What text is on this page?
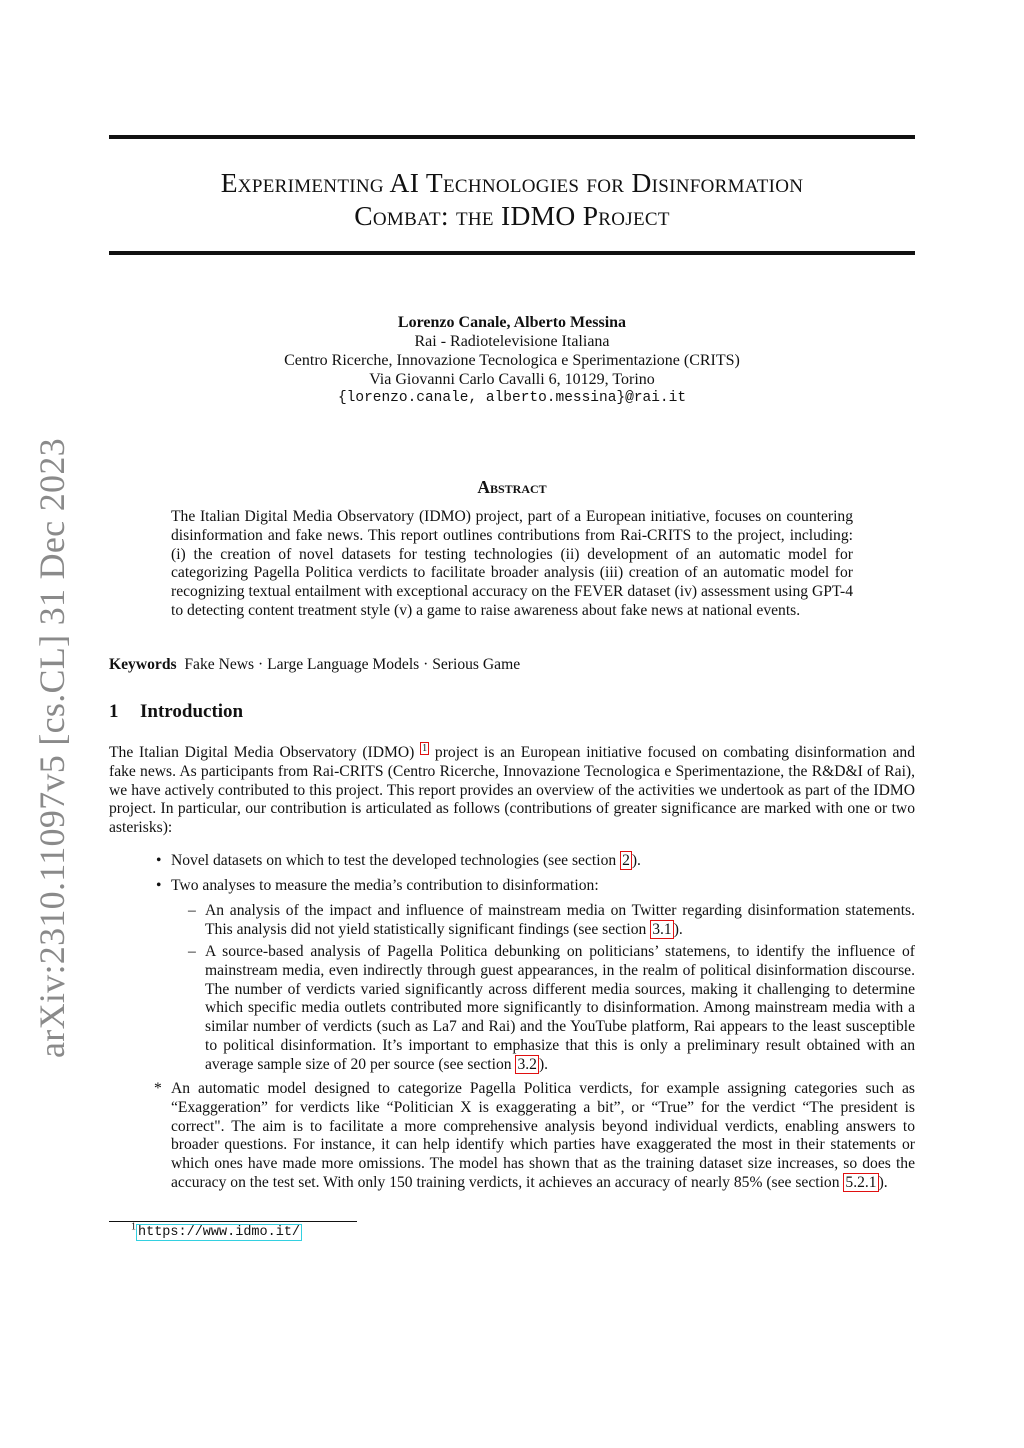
arXiv:2310.11097v5 [cs.CL] 31 Dec 2023
Experimenting AI Technologies for Disinformation
Combat: the IDMO Project
Lorenzo Canale, Alberto Messina
Rai - Radiotelevisione Italiana
Centro Ricerche, Innovazione Tecnologica e Sperimentazione (CRITS)
Via Giovanni Carlo Cavalli 6, 10129, Torino
{lorenzo.canale, alberto.messina}@rai.it
Abstract
The Italian Digital Media Observatory (IDMO) project, part of a European initiative, focuses on countering disinformation and fake news. This report outlines contributions from Rai-CRITS to the project, including: (i) the creation of novel datasets for testing technologies (ii) development of an automatic model for categorizing Pagella Politica verdicts to facilitate broader analysis (iii) creation of an automatic model for recognizing textual entailment with exceptional accuracy on the FEVER dataset (iv) assessment using GPT-4 to detecting content treatment style (v) a game to raise awareness about fake news at national events.
Keywords Fake News · Large Language Models · Serious Game
1 Introduction
The Italian Digital Media Observatory (IDMO) $^1$ project is an European initiative focused on combating disinformation and fake news. As participants from Rai-CRITS (Centro Ricerche, Innovazione Tecnologica e Sperimentazione, the R&D&I of Rai), we have actively contributed to this project. This report provides an overview of the activities we undertook as part of the IDMO project. In particular, our contribution is articulated as follows (contributions of greater significance are marked with one or two asterisks):
• Novel datasets on which to test the developed technologies (see section 2 ).
• Two analyses to measure the media’s contribution to disinformation:
– An analysis of the impact and influence of mainstream media on Twitter regarding disinformation statements. This analysis did not yield statistically significant findings (see section 3.1 ).
– A source-based analysis of Pagella Politica debunking on politicians’ statemens, to identify the influence of mainstream media, even indirectly through guest appearances, in the realm of political disinformation discourse. The number of verdicts varied significantly across different media sources, making it challenging to determine which specific media outlets contributed more significantly to disinformation. Among mainstream media with a similar number of verdicts (such as La7 and Rai) and the YouTube platform, Rai appears to the least susceptible to political disinformation. It’s important to emphasize that this is only a preliminary result obtained with an average sample size of 20 per source (see section 3.2 ).
* An automatic model designed to categorize Pagella Politica verdicts, for example assigning categories such as “Exaggeration” for verdicts like “Politician X is exaggerating a bit”, or “True” for the verdict “The president is correct". The aim is to facilitate a more comprehensive analysis beyond individual verdicts, enabling answers to broader questions. For instance, it can help identify which parties have exaggerated the most in their statements or which ones have made more omissions. The model has shown that as the training dataset size increases, so does the accuracy on the test set. With only 150 training verdicts, it achieves an accuracy of nearly 85% (see section 5.2.1 ).
$^1$ https://www.idmo.it/
